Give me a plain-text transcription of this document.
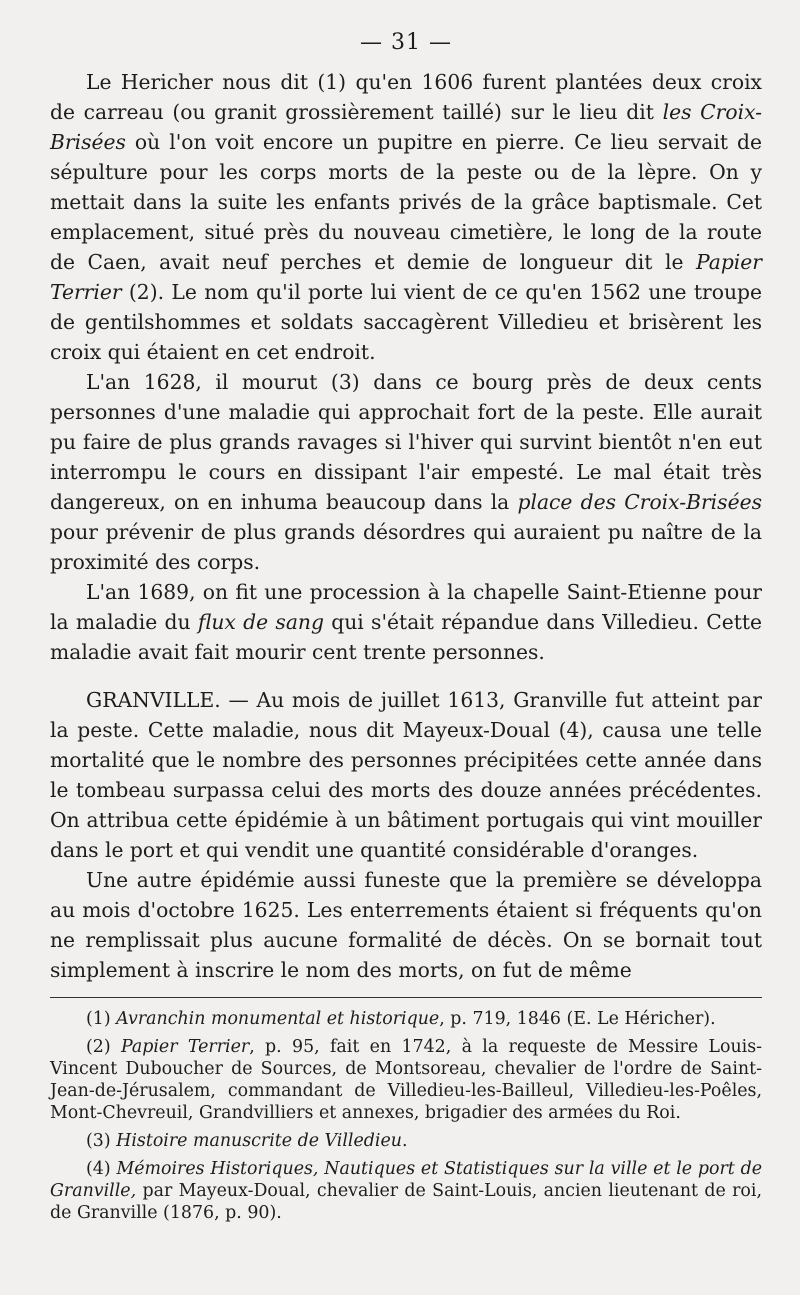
— 31 —

Le Hericher nous dit (1) qu'en 1606 furent plantées deux croix de carreau (ou granit grossièrement taillé) sur le lieu dit les Croix-Brisées où l'on voit encore un pupitre en pierre. Ce lieu servait de sépulture pour les corps morts de la peste ou de la lèpre. On y mettait dans la suite les enfants privés de la grâce baptismale. Cet emplacement, situé près du nouveau cimetière, le long de la route de Caen, avait neuf perches et demie de longueur dit le Papier Terrier (2). Le nom qu'il porte lui vient de ce qu'en 1562 une troupe de gentilshommes et soldats saccagèrent Villedieu et brisèrent les croix qui étaient en cet endroit.

L'an 1628, il mourut (3) dans ce bourg près de deux cents personnes d'une maladie qui approchait fort de la peste. Elle aurait pu faire de plus grands ravages si l'hiver qui survint bientôt n'en eut interrompu le cours en dissipant l'air empesté. Le mal était très dangereux, on en inhuma beaucoup dans la place des Croix-Brisées pour prévenir de plus grands désordres qui auraient pu naître de la proximité des corps.

L'an 1689, on fit une procession à la chapelle Saint-Etienne pour la maladie du flux de sang qui s'était répandue dans Villedieu. Cette maladie avait fait mourir cent trente personnes.

GRANVILLE. — Au mois de juillet 1613, Granville fut atteint par la peste. Cette maladie, nous dit Mayeux-Doual (4), causa une telle mortalité que le nombre des personnes précipitées cette année dans le tombeau surpassa celui des morts des douze années précédentes. On attribua cette épidémie à un bâtiment portugais qui vint mouiller dans le port et qui vendit une quantité considérable d'oranges.

Une autre épidémie aussi funeste que la première se développa au mois d'octobre 1625. Les enterrements étaient si fréquents qu'on ne remplissait plus aucune formalité de décès. On se bornait tout simplement à inscrire le nom des morts, on fut de même

(1) Avranchin monumental et historique, p. 719, 1846 (E. Le Héricher).

(2) Papier Terrier, p. 95, fait en 1742, à la requeste de Messire Louis-Vincent Duboucher de Sources, de Montsoreau, chevalier de l'ordre de Saint-Jean-de-Jérusalem, commandant de Villedieu-les-Bailleul, Villedieu-les-Poêles, Mont-Chevreuil, Grandvilliers et annexes, brigadier des armées du Roi.

(3) Histoire manuscrite de Villedieu.

(4) Mémoires Historiques, Nautiques et Statistiques sur la ville et le port de Granville, par Mayeux-Doual, chevalier de Saint-Louis, ancien lieutenant de roi, de Granville (1876, p. 90).
